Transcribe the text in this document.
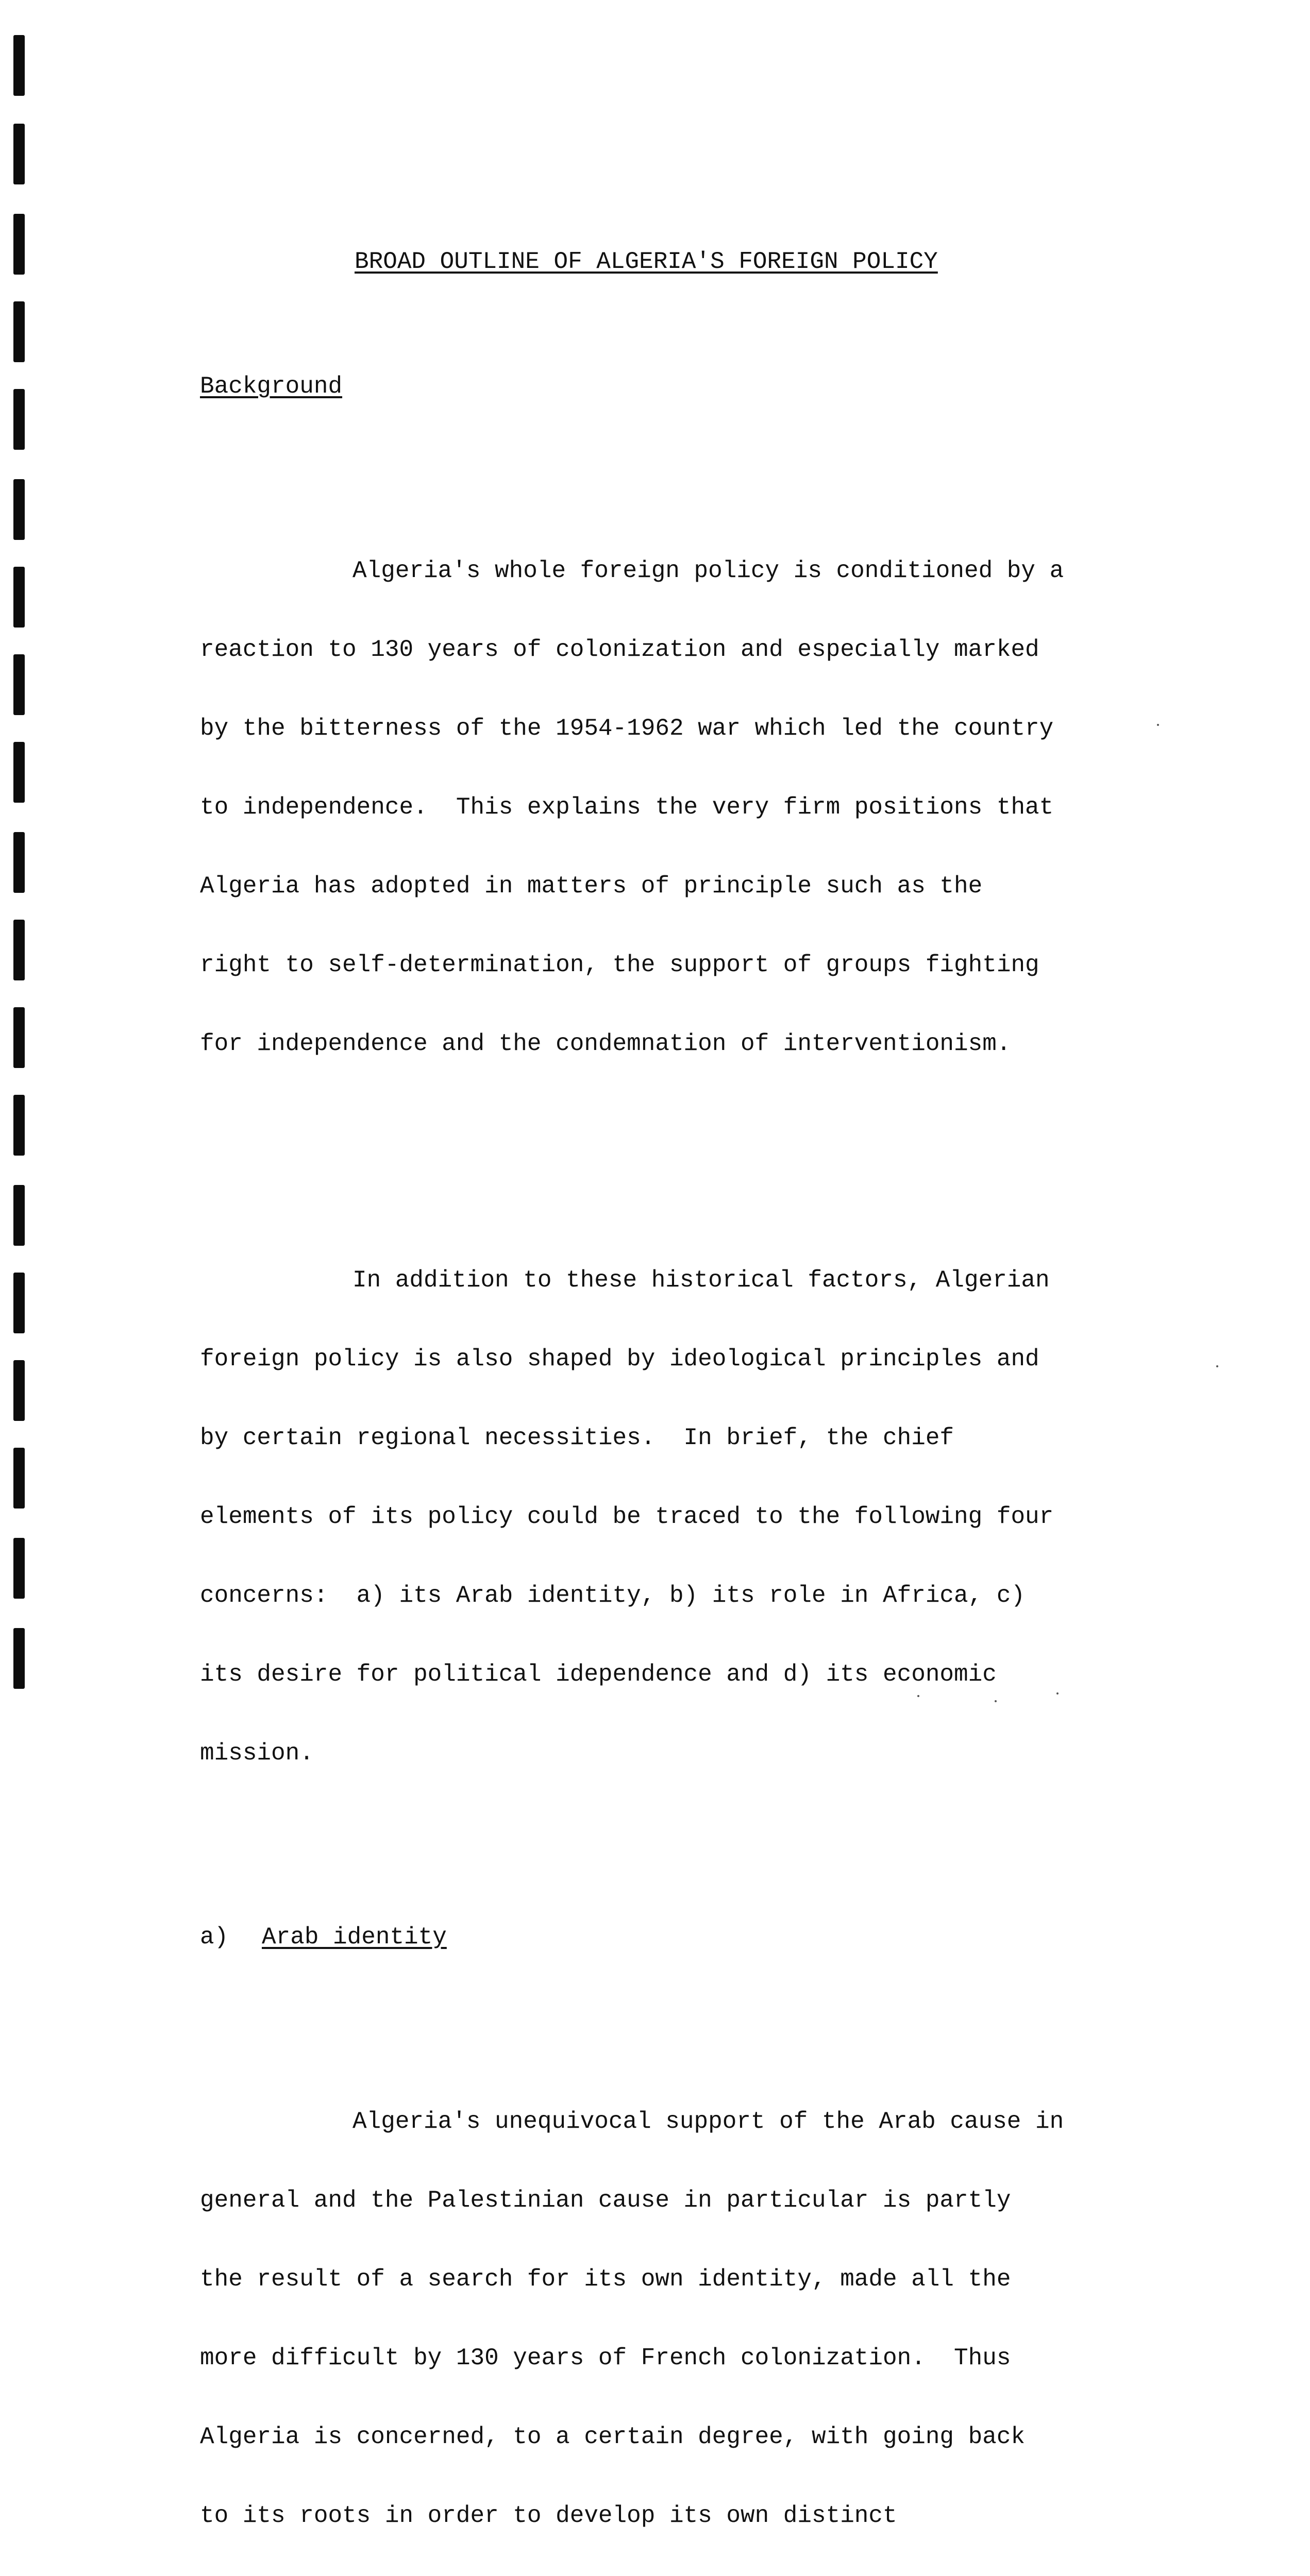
BROAD OUTLINE OF ALGERIA'S FOREIGN POLICY

Background

Algeria's whole foreign policy is conditioned by a

reaction to 130 years of colonization and especially marked

by the bitterness of the 1954-1962 war which led the country

to independence.  This explains the very firm positions that

Algeria has adopted in matters of principle such as the

right to self-determination, the support of groups fighting

for independence and the condemnation of interventionism.

In addition to these historical factors, Algerian

foreign policy is also shaped by ideological principles and

by certain regional necessities.  In brief, the chief

elements of its policy could be traced to the following four

concerns:  a) its Arab identity, b) its role in Africa, c)

its desire for political idependence and d) its economic

mission.

a) Arab identity

Algeria's unequivocal support of the Arab cause in

general and the Palestinian cause in particular is partly

the result of a search for its own identity, made all the

more difficult by 130 years of French colonization.  Thus

Algeria is concerned, to a certain degree, with going back

to its roots in order to develop its own distinct
